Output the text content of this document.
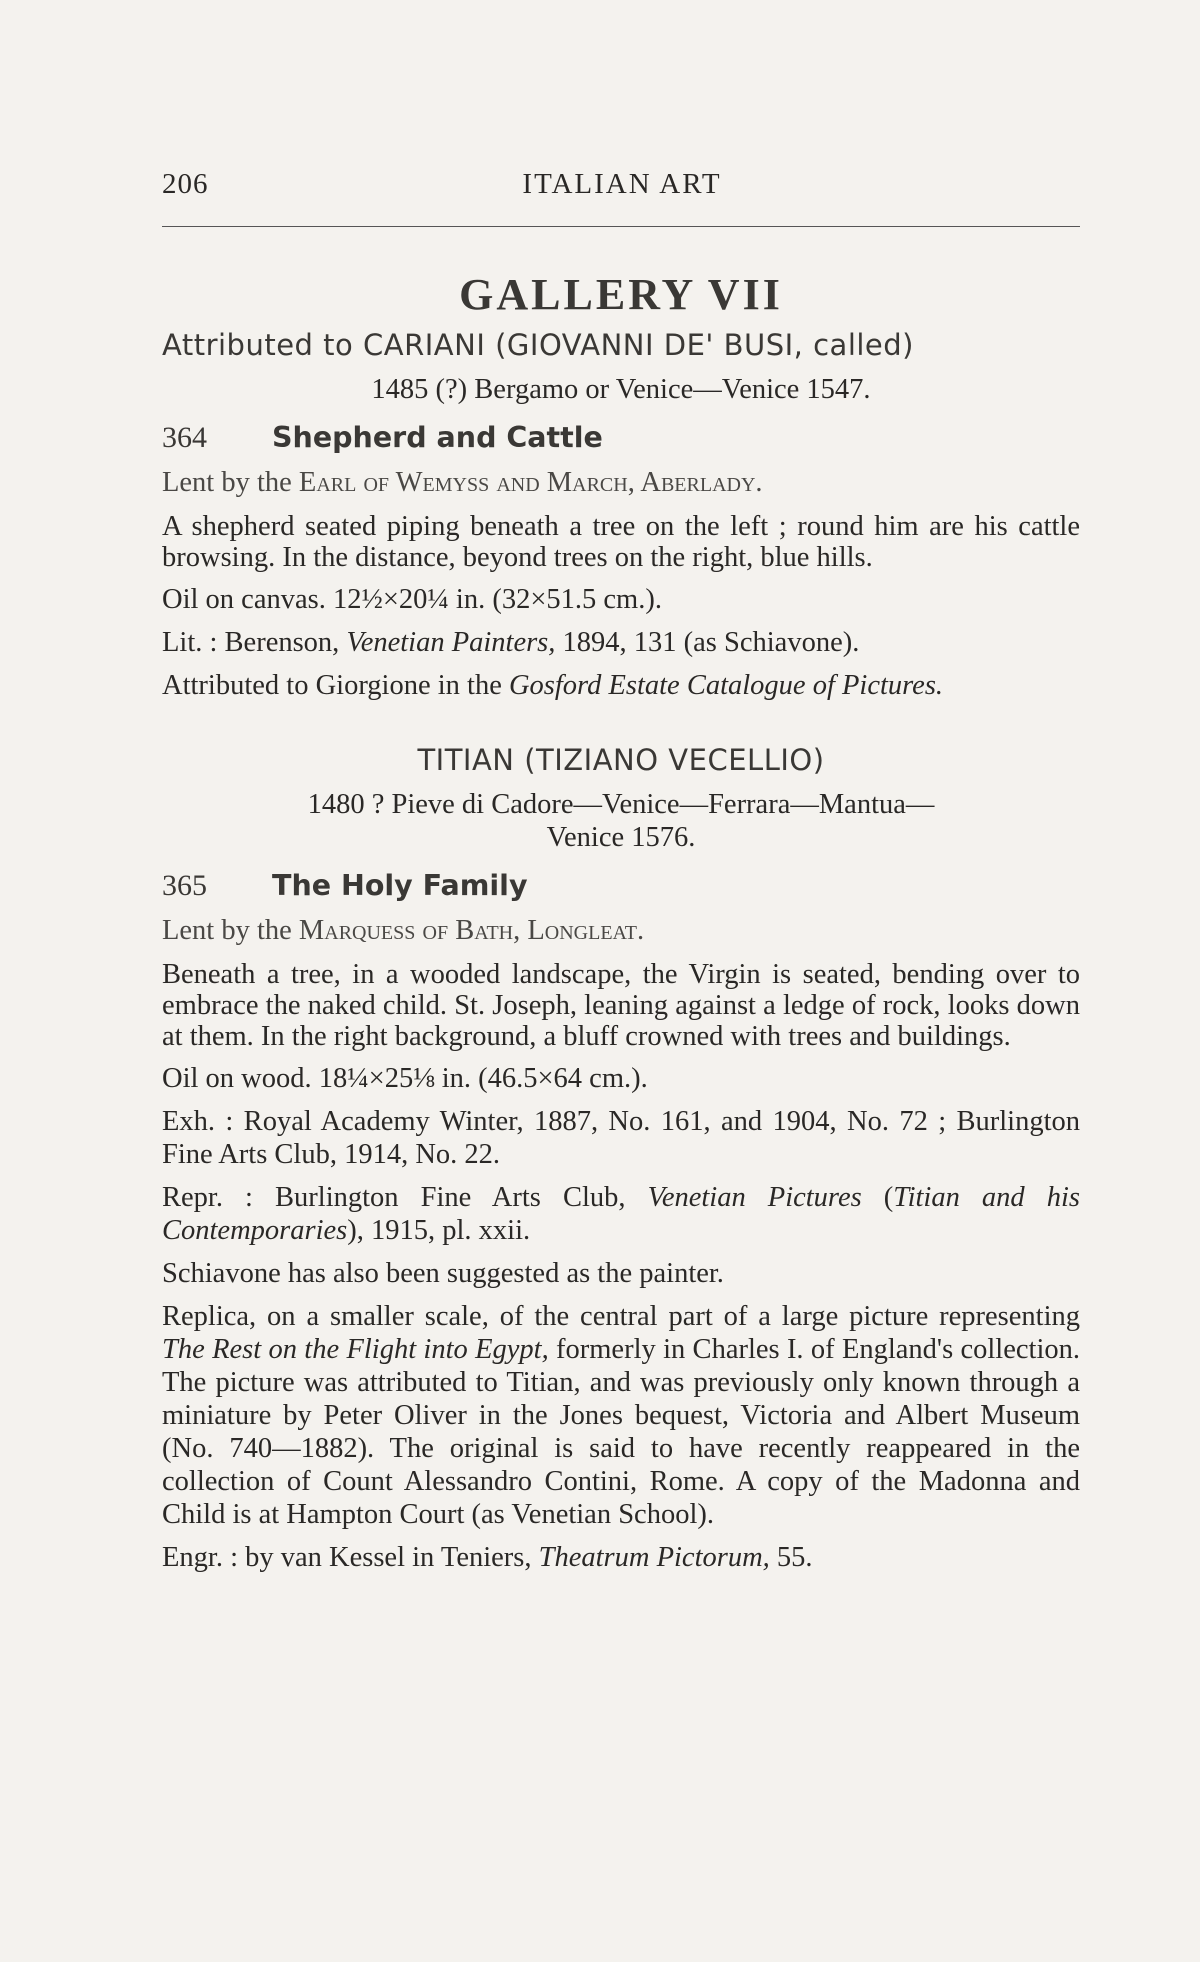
206	ITALIAN ART
GALLERY VII

Attributed to CARIANI (GIOVANNI DE' BUSI, called)

1485 (?) Bergamo or Venice—Venice 1547.

364 Shepherd and Cattle

Lent by the Earl of Wemyss and March, Aberlady.

A shepherd seated piping beneath a tree on the left ; round him are his cattle browsing. In the distance, beyond trees on the right, blue hills.

Oil on canvas. 12½×20¼ in. (32×51.5 cm.).

Lit. : Berenson, Venetian Painters, 1894, 131 (as Schiavone).

Attributed to Giorgione in the Gosford Estate Catalogue of Pictures.

TITIAN (TIZIANO VECELLIO)

1480 ? Pieve di Cadore—Venice—Ferrara—Mantua—
Venice 1576.

365 The Holy Family

Lent by the Marquess of Bath, Longleat.

Beneath a tree, in a wooded landscape, the Virgin is seated, bending over to embrace the naked child. St. Joseph, leaning against a ledge of rock, looks down at them. In the right background, a bluff crowned with trees and buildings.

Oil on wood. 18¼×25⅛ in. (46.5×64 cm.).

Exh. : Royal Academy Winter, 1887, No. 161, and 1904, No. 72 ; Burlington Fine Arts Club, 1914, No. 22.

Repr. : Burlington Fine Arts Club, Venetian Pictures (Titian and his Contemporaries), 1915, pl. xxii.

Schiavone has also been suggested as the painter.

Replica, on a smaller scale, of the central part of a large picture representing The Rest on the Flight into Egypt, formerly in Charles I. of England's collection. The picture was attributed to Titian, and was previously only known through a miniature by Peter Oliver in the Jones bequest, Victoria and Albert Museum (No. 740—1882). The original is said to have recently reappeared in the collection of Count Alessandro Contini, Rome. A copy of the Madonna and Child is at Hampton Court (as Venetian School).

Engr. : by van Kessel in Teniers, Theatrum Pictorum, 55.
